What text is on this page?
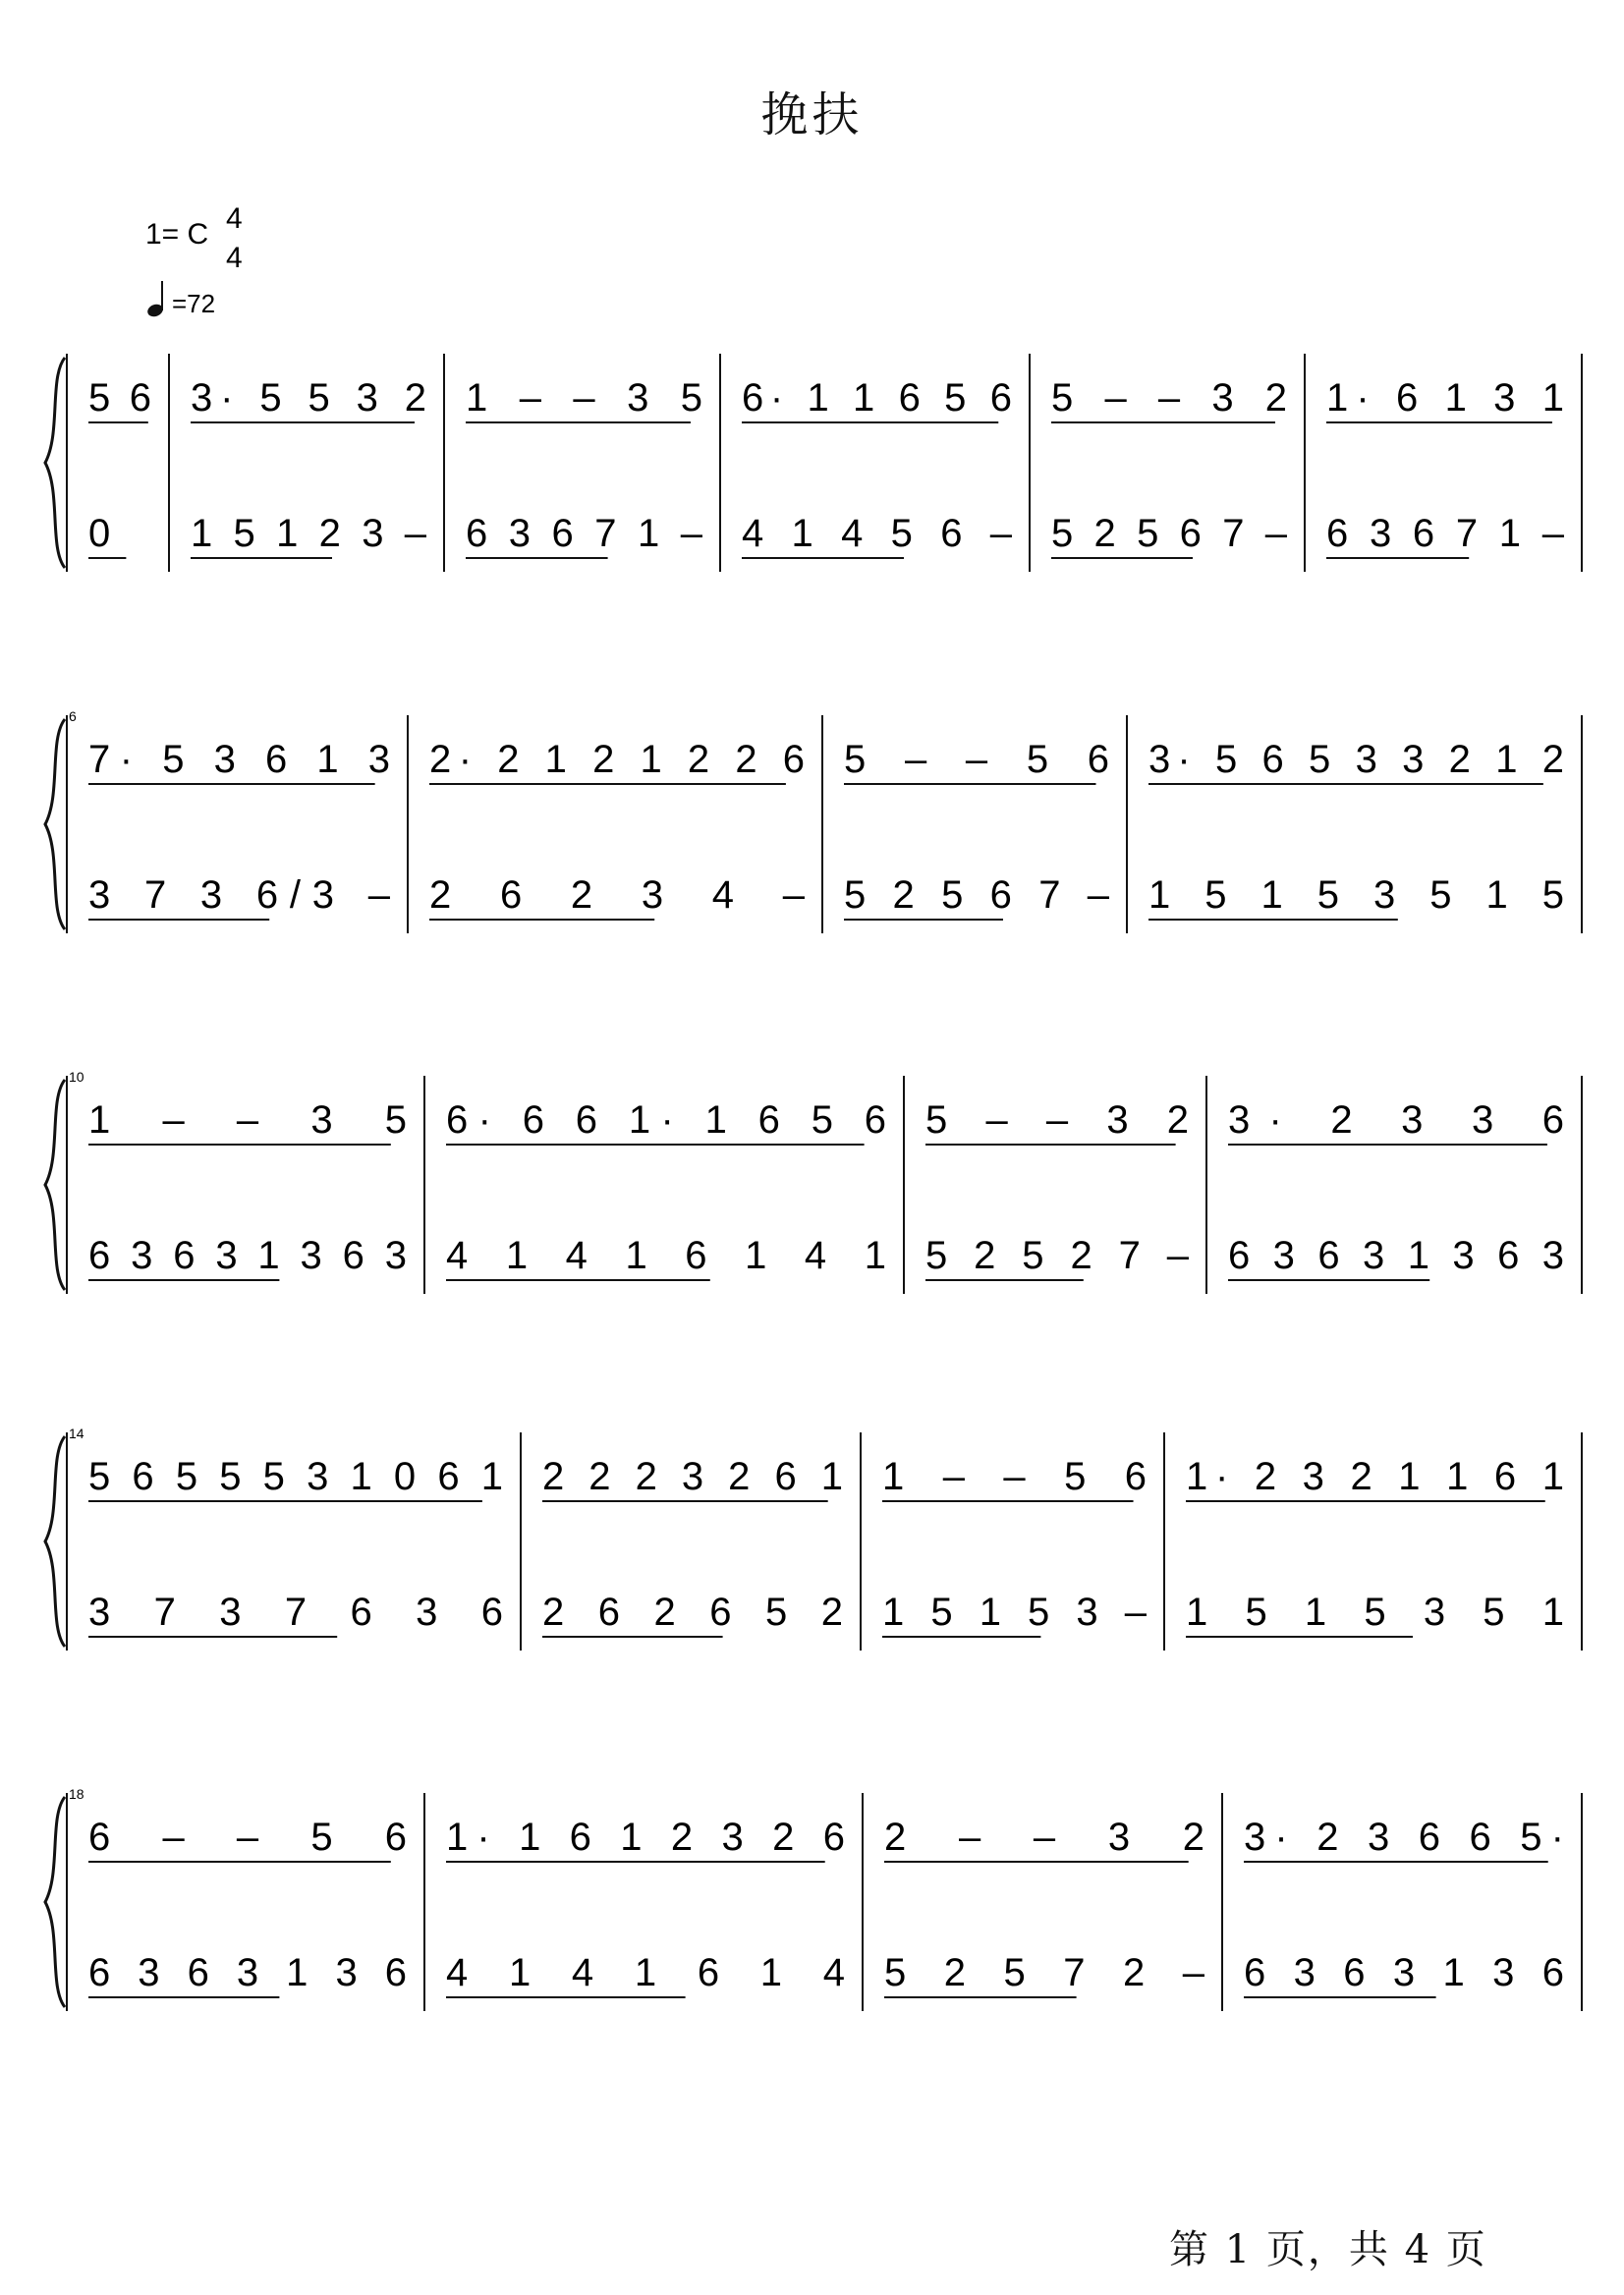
挽扶
1= C 4
4
=72
5 6
0
3· 5 5 3 2
1 5 1 2 3 –
1 – – 3 5
6 3 6 7 1 –
6· 1 1 6 5 6
4 1 4 5 6 –
5 – – 3 2
5 2 5 6 7 –
1· 6 1 3 1
6 3 6 7 1 –
6
7· 5 3 6 1 3
3 7 3 6/3 –
2· 2 1 2 1 2 2 6
2 6 2 3 4 –
5 – – 5 6
5 2 5 6 7 –
3· 5 6 5 3 3 2 1 2
1 5 1 5 3 5 1 5
10
1 – – 3 5
6 3 6 3 1 3 6 3
6· 6 6 1· 1 6 5 6
4 1 4 1 6 1 4 1
5 – – 3 2
5 2 5 2 7 –
3· 2 3 3 6
6 3 6 3 1 3 6 3
14
5 6 5 5 5 3 1 0 6 1
3 7 3 7 6 3 6
2 2 2 3 2 6 1
2 6 2 6 5 2
1 – – 5 6
1 5 1 5 3 –
1· 2 3 2 1 1 6 1
1 5 1 5 3 5 1
18
6 – – 5 6
6 3 6 3 1 3 6
1· 1 6 1 2 3 2 6
4 1 4 1 6 1 4
2 – – 3 2
5 2 5 7 2 –
3· 2 3 6 6 5·
6 3 6 3 1 3 6
第 1 页，共 4 页
